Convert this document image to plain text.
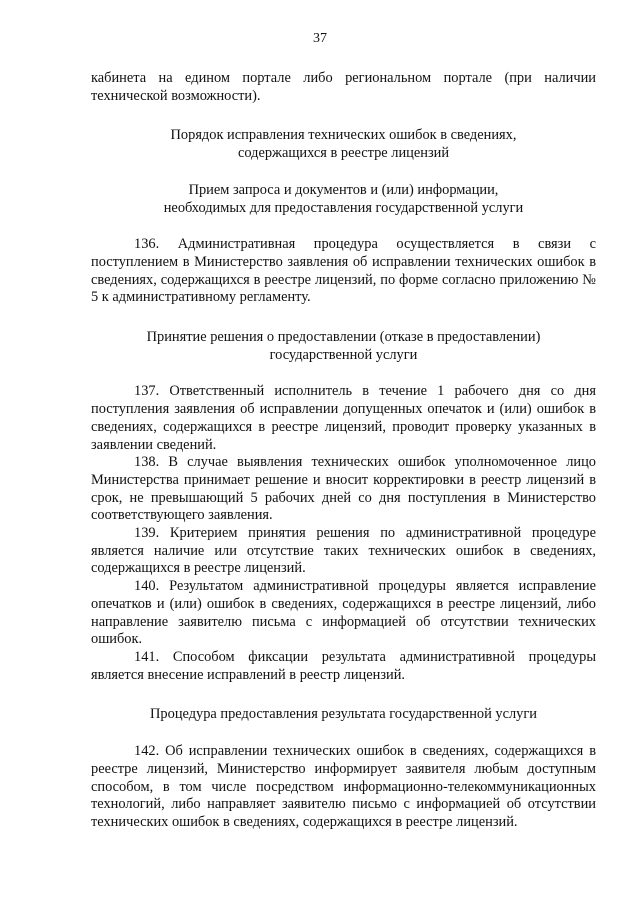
37

кабинета на едином портале либо региональном портале (при наличии технической возможности).

Порядок исправления технических ошибок в сведениях,
содержащихся в реестре лицензий

Прием запроса и документов и (или) информации,
необходимых для предоставления государственной услуги

136. Административная процедура осуществляется в связи с поступлением в Министерство заявления об исправлении технических ошибок в сведениях, содержащихся в реестре лицензий, по форме согласно приложению № 5 к административному регламенту.

Принятие решения о предоставлении (отказе в предоставлении)
государственной услуги

137. Ответственный исполнитель в течение 1 рабочего дня со дня поступления заявления об исправлении допущенных опечаток и (или) ошибок в сведениях, содержащихся в реестре лицензий, проводит проверку указанных в заявлении сведений.

138. В случае выявления технических ошибок уполномоченное лицо Министерства принимает решение и вносит корректировки в реестр лицензий в срок, не превышающий 5 рабочих дней со дня поступления в Министерство соответствующего заявления.

139. Критерием принятия решения по административной процедуре является наличие или отсутствие таких технических ошибок в сведениях, содержащихся в реестре лицензий.

140. Результатом административной процедуры является исправление опечатков и (или) ошибок в сведениях, содержащихся в реестре лицензий, либо направление заявителю письма с информацией об отсутствии технических ошибок.

141. Способом фиксации результата административной процедуры является внесение исправлений в реестр лицензий.

Процедура предоставления результата государственной услуги

142. Об исправлении технических ошибок в сведениях, содержащихся в реестре лицензий, Министерство информирует заявителя любым доступным способом, в том числе посредством информационно-телекоммуникационных технологий, либо направляет заявителю письмо с информацией об отсутствии технических ошибок в сведениях, содержащихся в реестре лицензий.
